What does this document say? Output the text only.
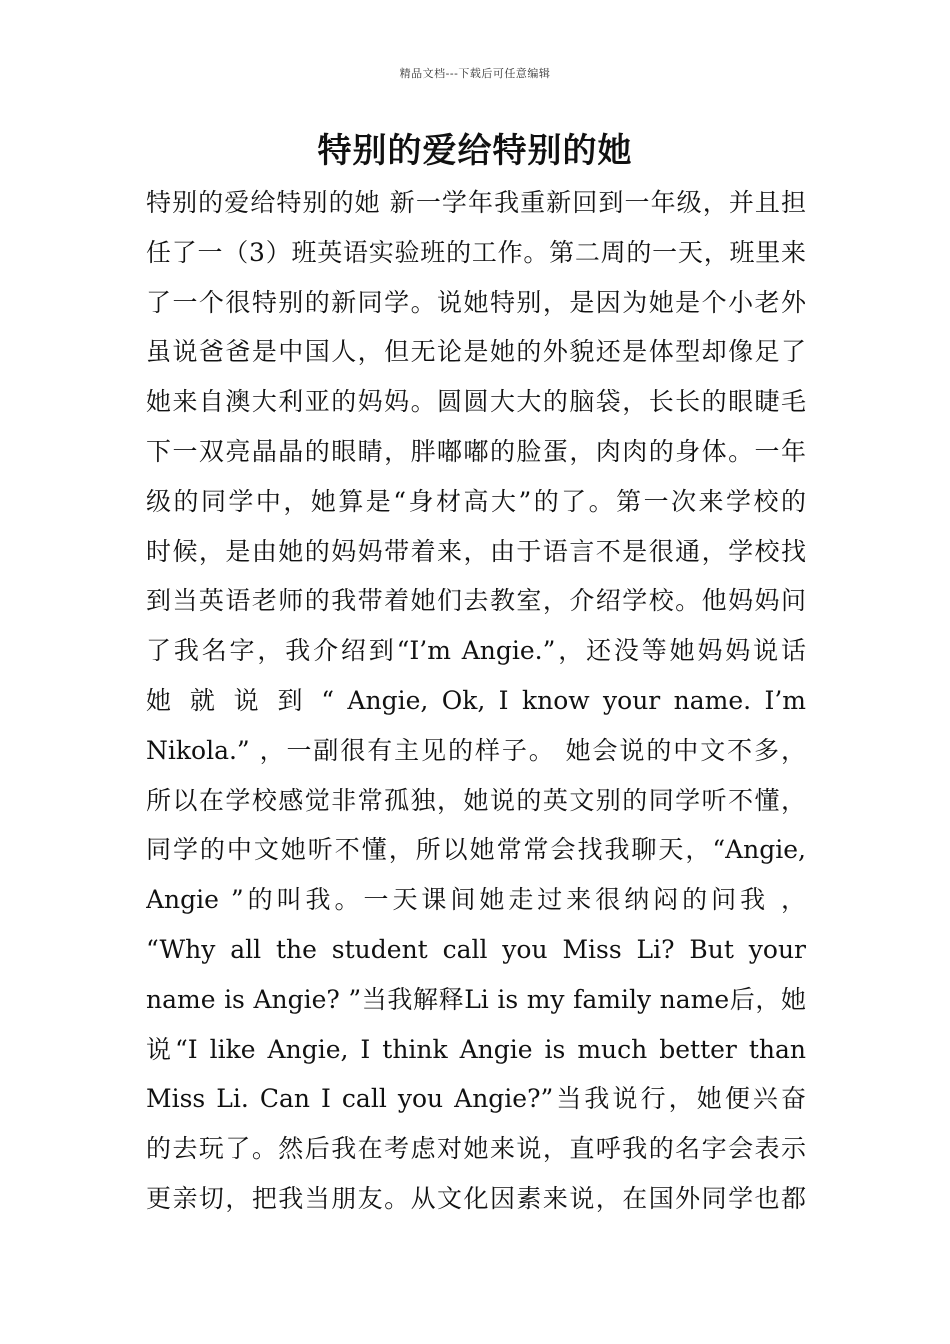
精品文档---下载后可任意编辑
特别的爱给特别的她
特别的爱给特别的她 新一学年我重新回到一年级，并且担
任了一（3）班英语实验班的工作。第二周的一天，班里来
了一个很特别的新同学。说她特别，是因为她是个小老外
虽说爸爸是中国人，但无论是她的外貌还是体型却像足了
她来自澳大利亚的妈妈。圆圆大大的脑袋，长长的眼睫毛
下一双亮晶晶的眼睛，胖嘟嘟的脸蛋，肉肉的身体。一年
级的同学中，她算是“身材高大”的了。第一次来学校的
时候，是由她的妈妈带着来，由于语言不是很通，学校找
到当英语老师的我带着她们去教室，介绍学校。他妈妈问
了我名字，我介绍到“I’m Angie.”，还没等她妈妈说话
她 就 说 到 “ Angie, Ok, I know your name. I’m
Nikola.” ，一副很有主见的样子。 她会说的中文不多，
所以在学校感觉非常孤独，她说的英文别的同学听不懂，
同学的中文她听不懂，所以她常常会找我聊天，“Angie,
Angie ”的叫我。一天课间她走过来很纳闷的问我 ，
“Why all the student call you Miss Li? But your
name is Angie? ”当我解释Li is my family name后，她
说“I like Angie, I think Angie is much better than
Miss Li. Can I call you Angie?”当我说行，她便兴奋
的去玩了。然后我在考虑对她来说，直呼我的名字会表示
更亲切，把我当朋友。从文化因素来说，在国外同学也都
